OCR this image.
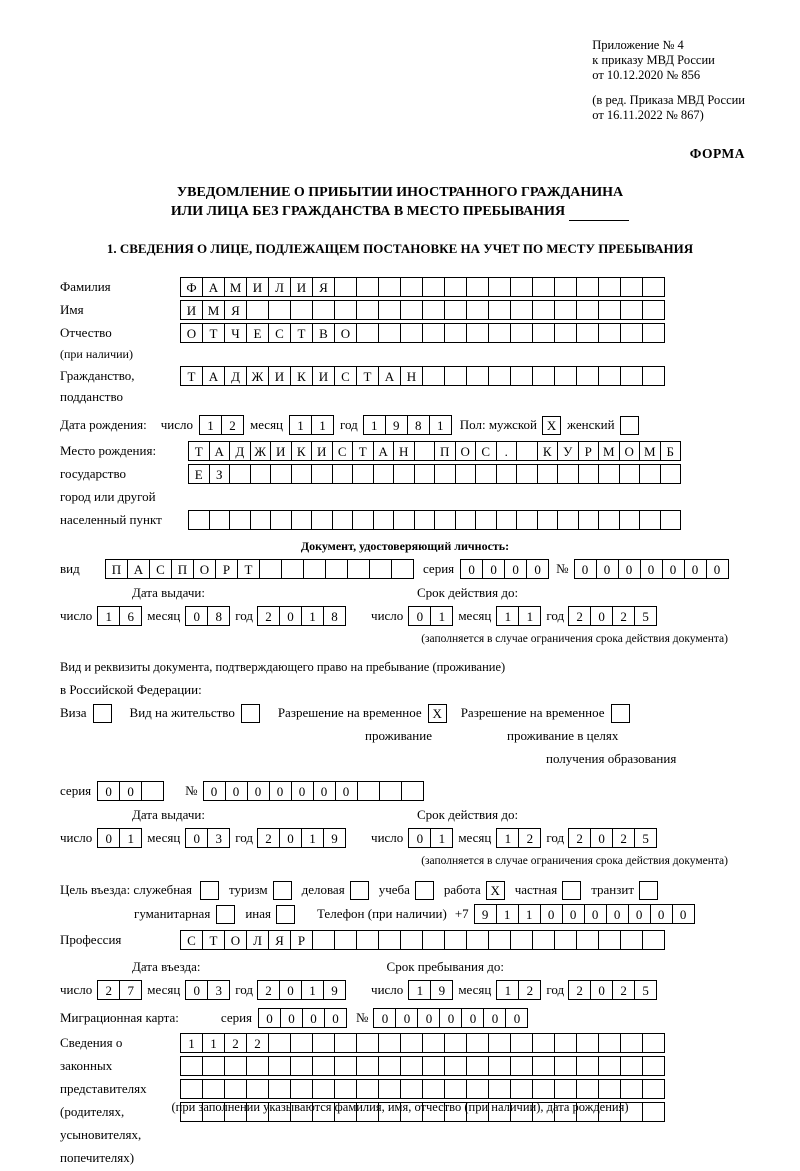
Приложение № 4
к приказу МВД России
от 10.12.2020 № 856
(в ред. Приказа МВД России
от 16.11.2022 № 867)
ФОРМА
УВЕДОМЛЕНИЕ О ПРИБЫТИИ ИНОСТРАННОГО ГРАЖДАНИНА
ИЛИ ЛИЦА БЕЗ ГРАЖДАНСТВА В МЕСТО ПРЕБЫВАНИЯ
1. СВЕДЕНИЯ О ЛИЦЕ, ПОДЛЕЖАЩЕМ ПОСТАНОВКЕ НА УЧЕТ ПО МЕСТУ ПРЕБЫВАНИЯ
Фамилия	Ф А М И Л И Я
Имя	И М Я
Отчество	О	Т	Ч	Е	С	Т	В О
(при наличии)
Гражданство,	Т	А Д Ж И К И С	Т	А Н
подданство
Дата рождения: число	1	2	месяц	1	1	год	1	9	8	1	Пол: мужской Х женский
Место рождения:	Т А Д Ж И К И С Т А Н	П О С	.	К У Р М О М Б
государство	Е	З
город или другой
населенный пункт
Документ, удостоверяющий личность:
вид	П А С П О	Р	Т	серия	0	0	0	0	№	0	0	0	0	0	0	0
Дата выдачи:	Срок действия до:
число	1	6	месяц	0	8	год 2	0	1	8	число	0	1	месяц	1	1	год 2	0	2	5
(заполняется в случае ограничения срока действия документа)
Вид и реквизиты документа, подтверждающего право на пребывание (проживание)
в Российской Федерации:
Виза	Вид на жительство	Разрешение на временное Х	Разрешение на временное
проживание	проживание в целях
получения образования
серия	0	0	№	0	0	0	0	0	0	0
Дата выдачи:	Срок действия до:
число	0	1	месяц	0	3	год 2	0	1	9	число	0	1	месяц	1	2	год 2	0	2	5
(заполняется в случае ограничения срока действия документа)
Цель въезда: служебная	туризм	деловая	учеба	работа Х	частная	транзит
гуманитарная	иная	Телефон (при наличии) +7	9	1	1	0	0	0	0	0	0	0
Профессия	С	Т	О Л	Я	Р
Дата въезда:	Срок пребывания до:
число	2	7	месяц	0	3	год 2	0	1	9	число	1	9	месяц	1	2	год 2	0	2	5
Миграционная карта:	серия	0	0	0	0	№	0	0	0	0	0	0	0
Сведения о	1	1	2	2
законных
представителях
(родителях,
усыновителях,
попечителях)
(при заполнении указываются фамилия, имя, отчество (при наличии), дата рождения)
